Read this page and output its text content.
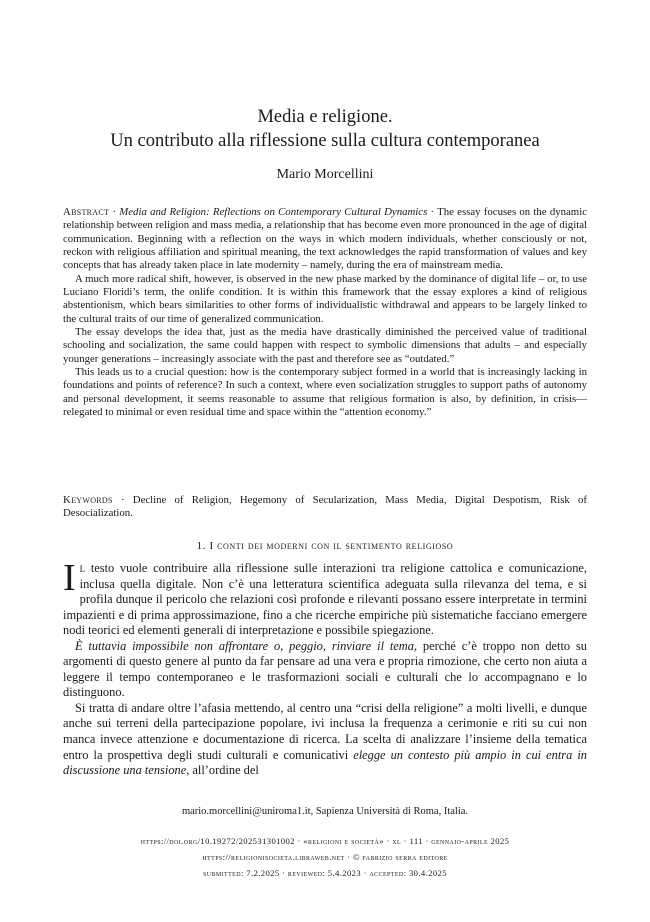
Media e religione.
Un contributo alla riflessione sulla cultura contemporanea
Mario Morcellini

Abstract · Media and Religion: Reflections on Contemporary Cultural Dynamics · The essay focuses on the dynamic relationship between religion and mass media, a relationship that has become even more pronounced in the age of digital communication. Beginning with a reflection on the ways in which modern individuals, whether consciously or not, reckon with religious affiliation and spiritual meaning, the text acknowledges the rapid transformation of values and key concepts that has already taken place in late modernity – namely, during the era of mainstream media.

A much more radical shift, however, is observed in the new phase marked by the dominance of digital life – or, to use Luciano Floridi’s term, the onlife condition. It is within this framework that the essay explores a kind of religious abstentionism, which bears similarities to other forms of individualistic withdrawal and appears to be largely linked to the cultural traits of our time of generalized communication.

The essay develops the idea that, just as the media have drastically diminished the perceived value of traditional schooling and socialization, the same could happen with respect to symbolic dimensions that adults – and especially younger generations – increasingly associate with the past and therefore see as “outdated.”

This leads us to a crucial question: how is the contemporary subject formed in a world that is increasingly lacking in foundations and points of reference? In such a context, where even socialization struggles to support paths of autonomy and personal development, it seems reasonable to assume that religious formation is also, by definition, in crisis—relegated to minimal or even residual time and space within the “attention economy.”

Keywords · Decline of Religion, Hegemony of Secularization, Mass Media, Digital Despotism, Risk of Desocialization.
1. I conti dei moderni con il sentimento religioso

Il testo vuole contribuire alla riflessione sulle interazioni tra religione cattolica e comunicazione, inclusa quella digitale. Non c’è una letteratura scientifica adeguata sulla rilevanza del tema, e si profila dunque il pericolo che relazioni così profonde e rilevanti possano essere interpretate in termini impazienti e di prima approssimazione, fino a che ricerche empiriche più sistematiche facciano emergere nodi teorici ed elementi generali di interpretazione e possibile spiegazione.

È tuttavia impossibile non affrontare o, peggio, rinviare il tema, perché c’è troppo non detto su argomenti di questo genere al punto da far pensare ad una vera e propria rimozione, che certo non aiuta a leggere il tempo contemporaneo e le trasformazioni sociali e culturali che lo accompagnano e lo distinguono.

Si tratta di andare oltre l’afasia mettendo, al centro una “crisi della religione” a molti livelli, e dunque anche sui terreni della partecipazione popolare, ivi inclusa la frequenza a cerimonie e riti su cui non manca invece attenzione e documentazione di ricerca. La scelta di analizzare l’insieme della tematica entro la prospettiva degli studi culturali e comunicativi elegge un contesto più ampio in cui entra in discussione una tensione, all’ordine del

mario.morcellini@uniroma1.it, Sapienza Università di Roma, Italia.
https://doi.org/10.19272/202531301002 · «religioni e società» · xl · 111 · gennaio-aprile 2025
https://religionisocieta.libraweb.net · © fabrizio serra editore
submitted: 7.2.2025 · reviewed: 5.4.2023 · accepted: 30.4.2025
